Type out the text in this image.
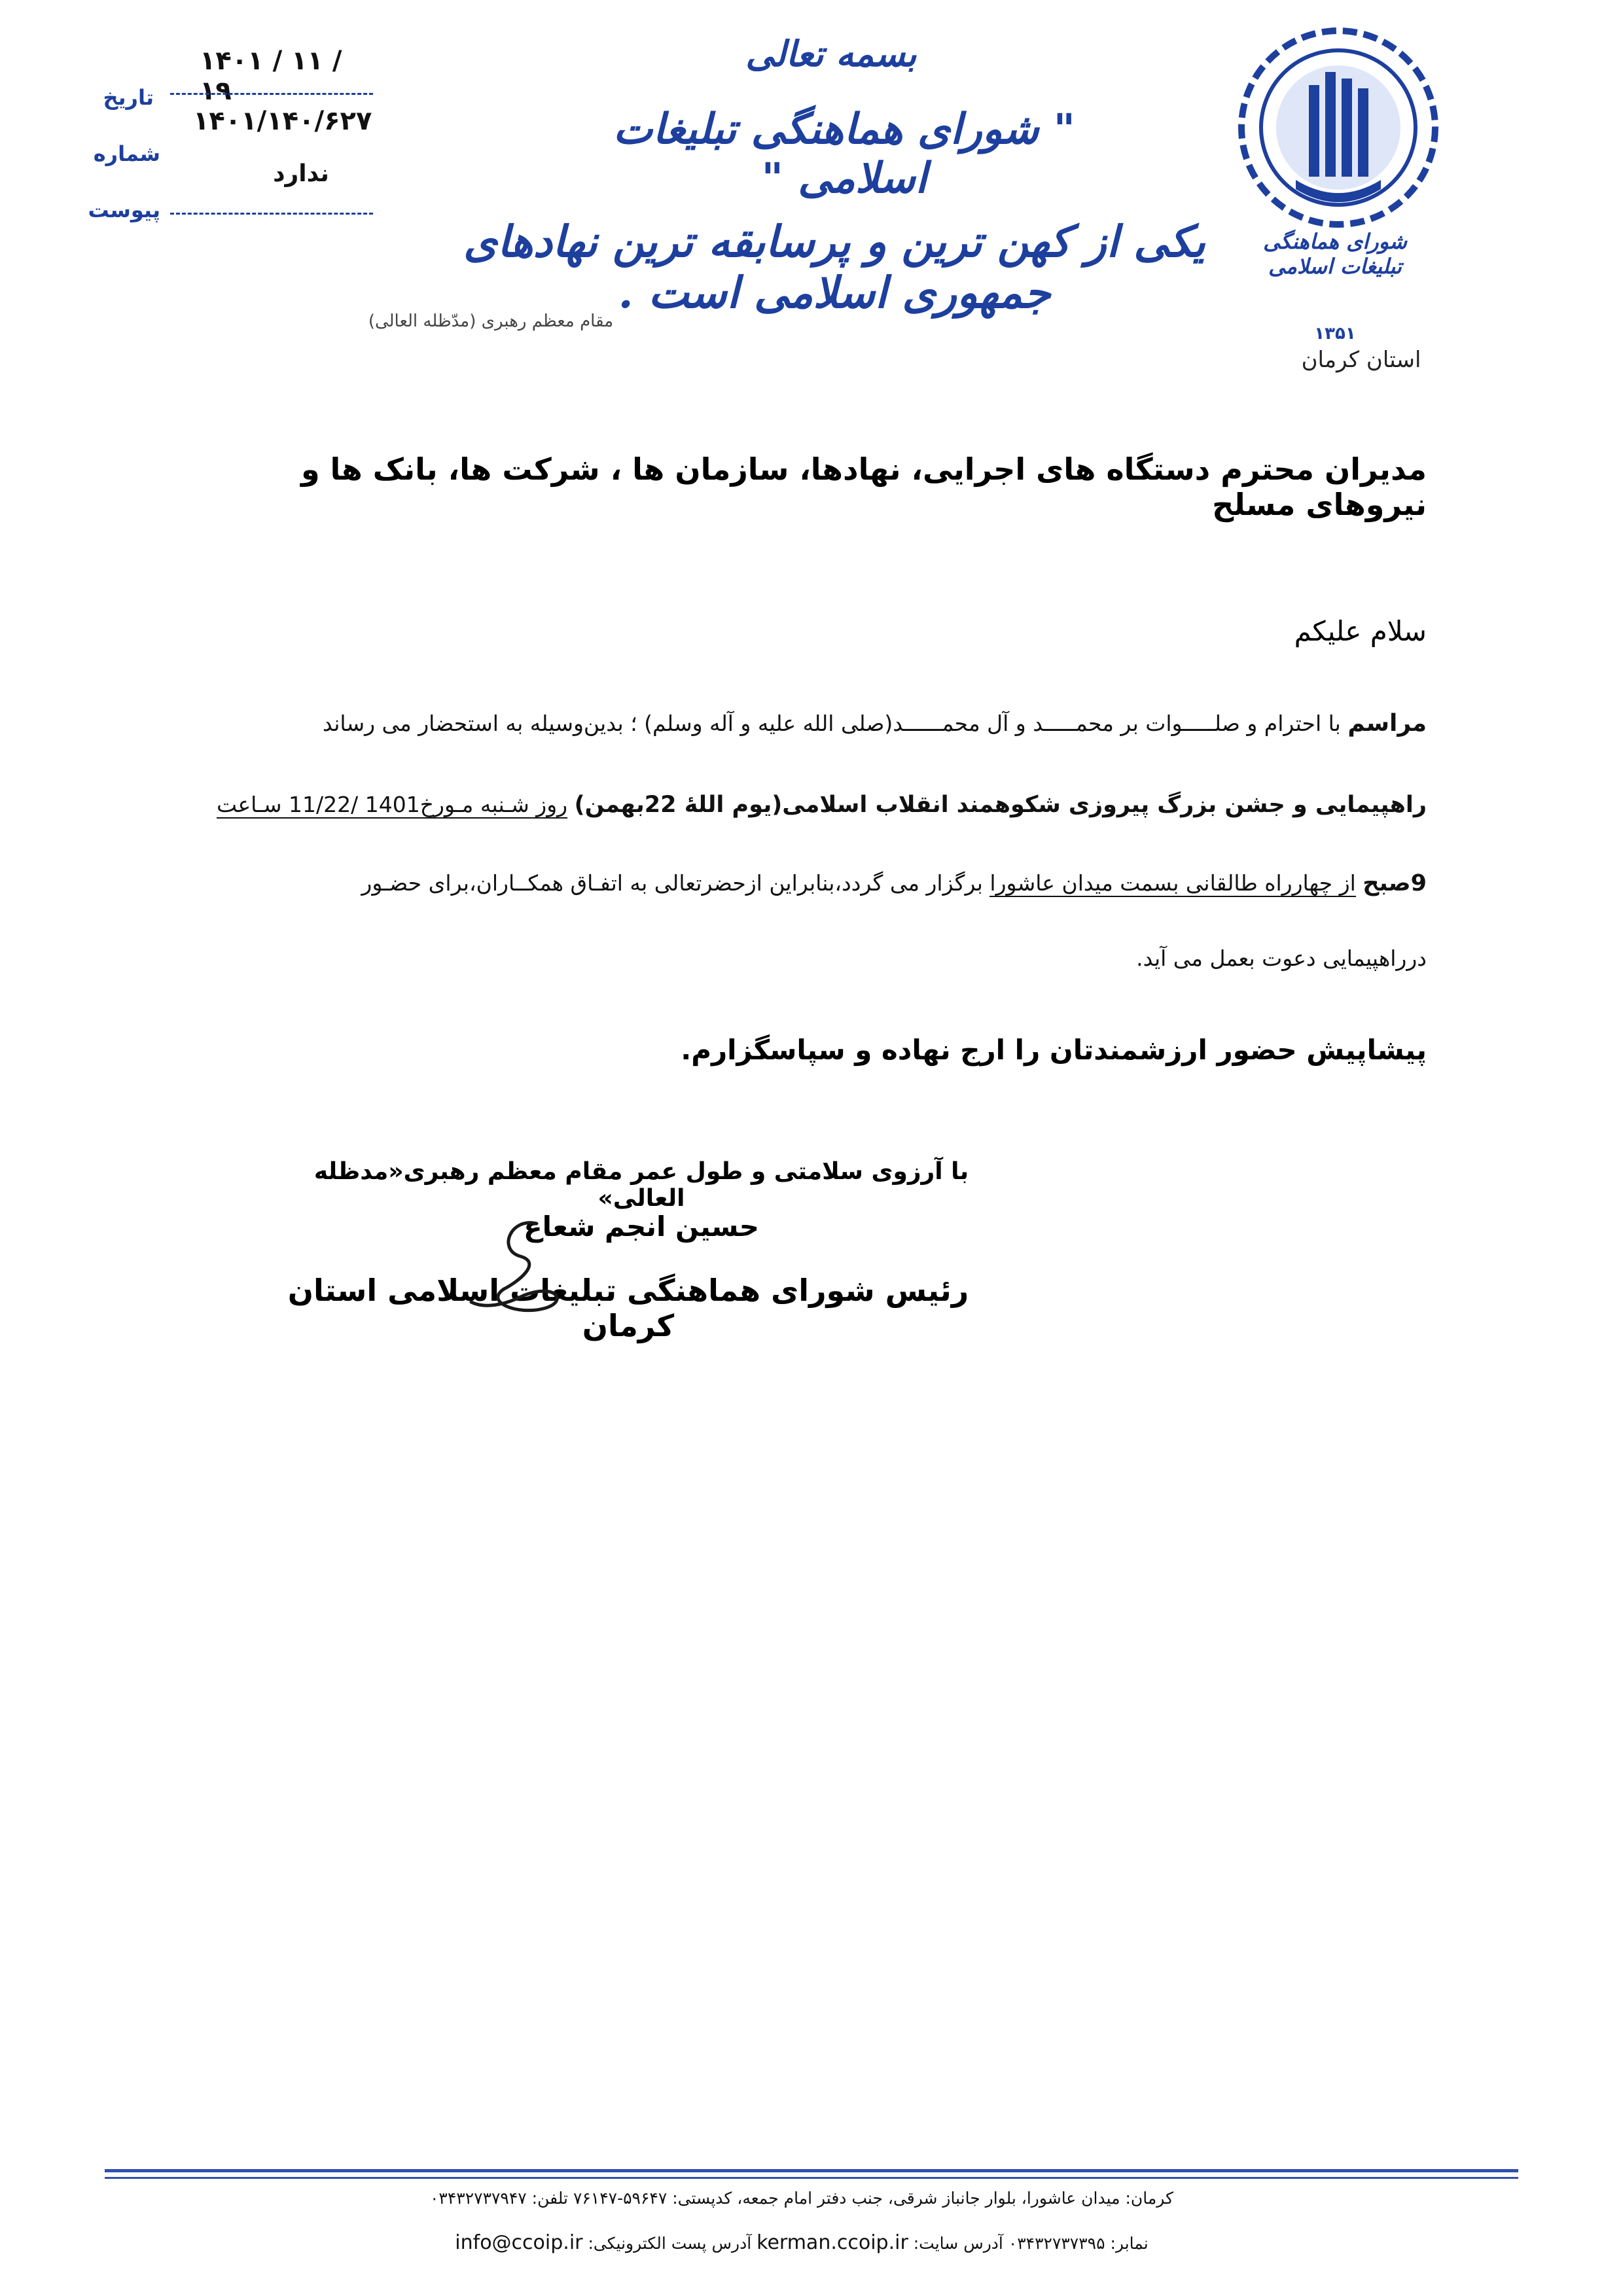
۱۴۰۱ / ۱۱ / ۱۹
تاریخ
۱۴۰۱/۱۴۰/۶۲۷
شماره
ندارد
پیوست
بسمه تعالی
" شورای هماهنگی تبلیغات اسلامی "
یکی از کهن ترین و پرسابقه ترین نهادهای جمهوری اسلامی است .
مقام معظم رهبری (مدّظله العالی)
شورای هماهنگی تبلیغات اسلامی
۱۳۵۱
استان کرمان
مدیران محترم دستگاه های اجرایی، نهادها، سازمان ها ، شرکت ها، بانک ها و نیروهای مسلح
سلام علیکم
مراسم با احترام و صلـــــوات بر محمـــــد و آل محمــــــد(صلی الله علیه و آله وسلم) ؛ بدین‌وسیله به استحضار می رساند
راهپیمایی و جشن بزرگ پیروزی شکوهمند انقلاب اسلامی(یوم اللهٔ 22بهمن) روز شـنبه مـورخ1401 /11/22 سـاعت
9صبح از چهارراه طالقانی بسمت میدان عاشورا برگزار می گردد،بنابراین ازحضرتعالی به اتفـاق همکــاران،برای حضـور
درراهپیمایی دعوت بعمل می آید.
پیشاپیش حضور ارزشمندتان را ارج نهاده و سپاسگزارم.
با آرزوی سلامتی و طول عمر مقام معظم رهبری«مدظله العالی»
حسین انجم شعاع
رئیس شورای هماهنگی تبلیغات اسلامی استان کرمان
کرمان: میدان عاشورا، بلوار جانباز شرقی، جنب دفتر امام جمعه، کدپستی: ۵۹۶۴۷-۷۶۱۴۷ تلفن: ۰۳۴۳۲۷۳۷۹۴۷
نمابر: ۰۳۴۳۲۷۳۷۳۹۵ آدرس سایت: kerman.ccoip.ir آدرس پست الکترونیکی: info@ccoip.ir
